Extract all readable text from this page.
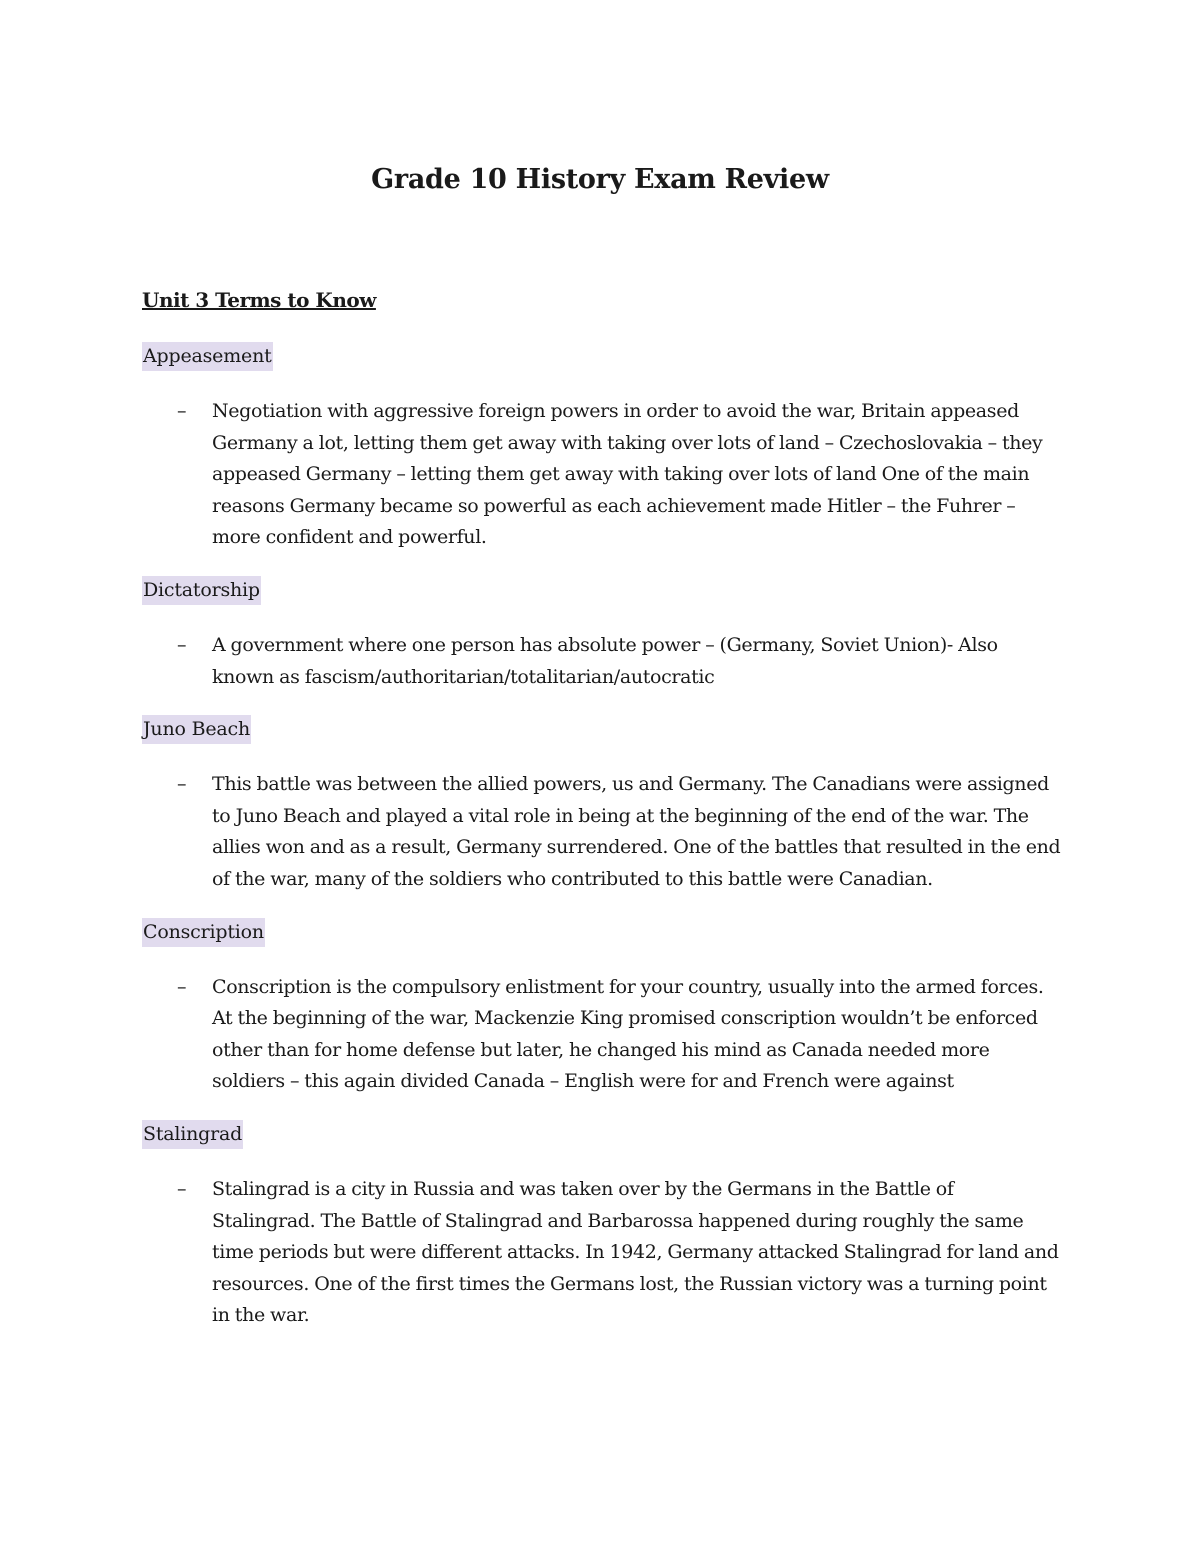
Grade 10 History Exam Review
Unit 3 Terms to Know
Appeasement
– Negotiation with aggressive foreign powers in order to avoid the war, Britain appeased Germany a lot, letting them get away with taking over lots of land – Czechoslovakia – they appeased Germany – letting them get away with taking over lots of land One of the main reasons Germany became so powerful as each achievement made Hitler – the Fuhrer – more confident and powerful.
Dictatorship
– A government where one person has absolute power – (Germany, Soviet Union)- Also known as fascism/authoritarian/totalitarian/autocratic
Juno Beach
– This battle was between the allied powers, us and Germany. The Canadians were assigned to Juno Beach and played a vital role in being at the beginning of the end of the war. The allies won and as a result, Germany surrendered. One of the battles that resulted in the end of the war, many of the soldiers who contributed to this battle were Canadian.
Conscription
– Conscription is the compulsory enlistment for your country, usually into the armed forces. At the beginning of the war, Mackenzie King promised conscription wouldn’t be enforced other than for home defense but later, he changed his mind as Canada needed more soldiers – this again divided Canada – English were for and French were against
Stalingrad
– Stalingrad is a city in Russia and was taken over by the Germans in the Battle of Stalingrad. The Battle of Stalingrad and Barbarossa happened during roughly the same time periods but were different attacks. In 1942, Germany attacked Stalingrad for land and resources. One of the first times the Germans lost, the Russian victory was a turning point in the war.
